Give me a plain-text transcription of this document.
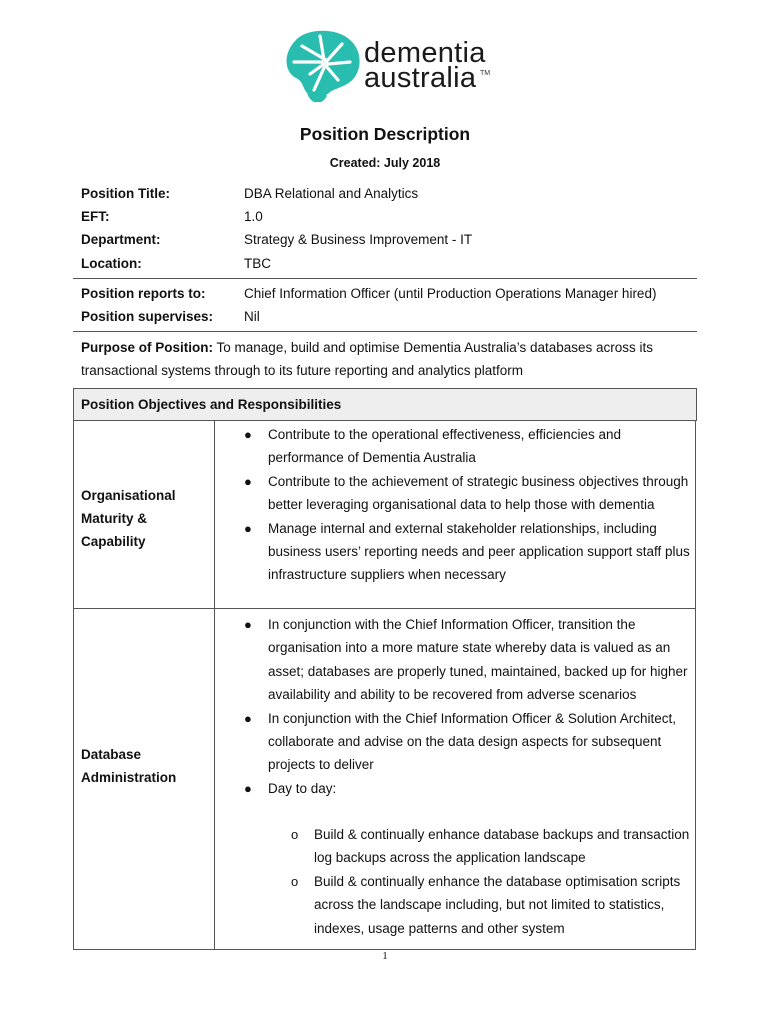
dementia
australia TM
Position Description
Created: July 2018
Position Title:	DBA Relational and Analytics
EFT:	1.0
Department:	Strategy & Business Improvement - IT
Location:	TBC
Position reports to:	Chief Information Officer (until Production Operations Manager hired)
Position supervises: Nil
Purpose of Position: To manage, build and optimise Dementia Australia’s databases across its transactional systems through to its future reporting and analytics platform
Position Objectives and Responsibilities
Organisational Maturity & Capability
● Contribute to the operational effectiveness, efficiencies and performance of Dementia Australia
● Contribute to the achievement of strategic business objectives through better leveraging organisational data to help those with dementia
● Manage internal and external stakeholder relationships, including business users’ reporting needs and peer application support staff plus infrastructure suppliers when necessary
Database Administration
● In conjunction with the Chief Information Officer, transition the organisation into a more mature state whereby data is valued as an asset; databases are properly tuned, maintained, backed up for higher availability and ability to be recovered from adverse scenarios
● In conjunction with the Chief Information Officer & Solution Architect, collaborate and advise on the data design aspects for subsequent projects to deliver
● Day to day:
o Build & continually enhance database backups and transaction log backups across the application landscape
o Build & continually enhance the database optimisation scripts across the landscape including, but not limited to statistics, indexes, usage patterns and other system
1
